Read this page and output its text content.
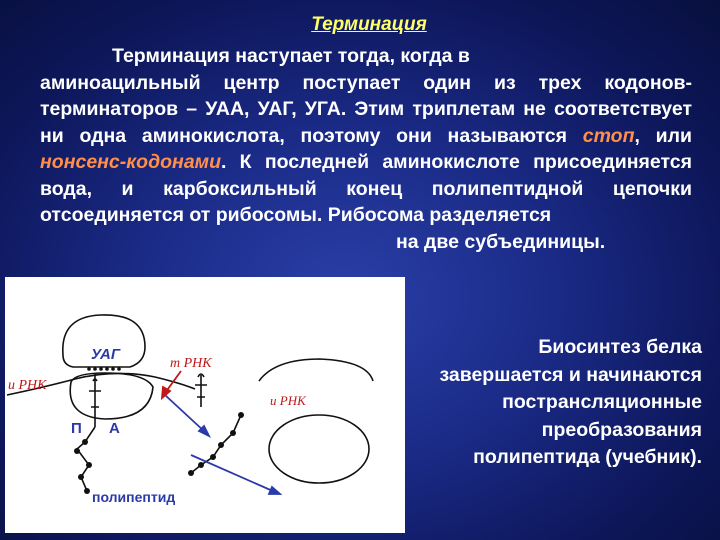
Терминация

Терминация наступает тогда, когда в
аминоацильный центр поступает один из трех кодонов-терминаторов – УАА, УАГ, УГА. Этим триплетам не соответствует ни одна аминокислота, поэтому они называются стоп, или нонсенс-кодонами. К последней аминокислоте присоединяется вода, и карбоксильный конец полипептидной цепочки отсоединяется от рибосомы. Рибосома разделяется
на две субъединицы.

УАГ
т РНК
и РНК
и РНК
П А
полипептид

Биосинтез белка завершается и начинаются пострансляционные преобразования полипептида (учебник).
